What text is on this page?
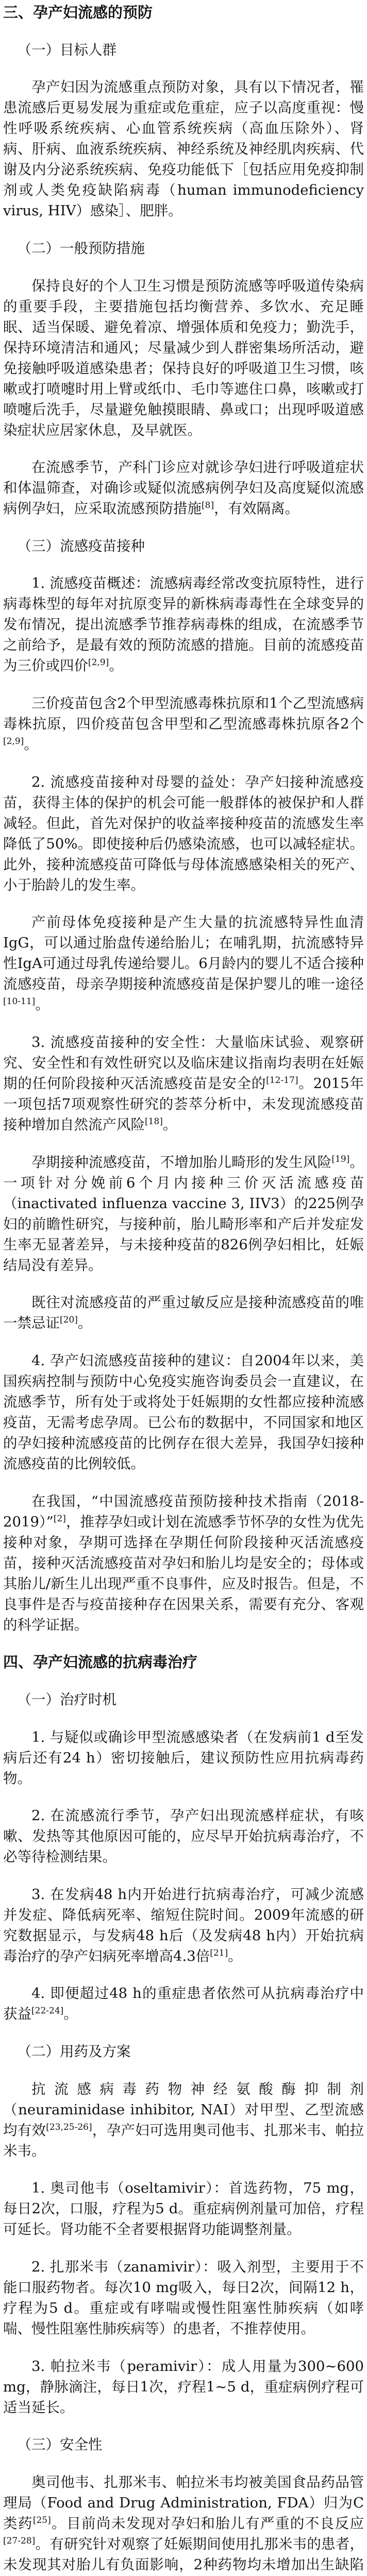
三、孕产妇流感的预防

（一）目标人群

孕产妇因为流感重点预防对象，具有以下情况者，罹患流感后更易发展为重症或危重症，应子以高度重视：慢性呼吸系统疾病、心血管系统疾病（高血压除外）、肾病、肝病、血液系统疾病、神经系统及神经肌肉疾病、代谢及内分泌系统疾病、免疫功能低下［包括应用免疫抑制剂或人类免疫缺陷病毒（human immunodeficiency virus, HIV）感染］、肥胖。

（二）一般预防措施

保持良好的个人卫生习惯是预防流感等呼吸道传染病的重要手段，主要措施包括均衡营养、多饮水、充足睡眠、适当保暖、避免着凉、增强体质和免疫力；勤洗手，保持环境清洁和通风；尽量减少到人群密集场所活动，避免接触呼吸道感染患者；保持良好的呼吸道卫生习惯，咳嗽或打喷嚏时用上臂或纸巾、毛巾等遮住口鼻，咳嗽或打喷嚏后洗手，尽量避免触摸眼睛、鼻或口；出现呼吸道感染症状应居家休息，及早就医。

在流感季节，产科门诊应对就诊孕妇进行呼吸道症状和体温筛查，对确诊或疑似流感病例孕妇及高度疑似流感病例孕妇，应采取流感预防措施[8]，有效隔离。

（三）流感疫苗接种

1. 流感疫苗概述：流感病毒经常改变抗原特性，进行病毒株型的每年对抗原变异的新株病毒毒性在全球变异的发布情况，提出流感季节推荐病毒株的组成，在流感季节之前给予，是最有效的预防流感的措施。目前的流感疫苗为三价或四价[2,9]。

三价疫苗包含2个甲型流感毒株抗原和1个乙型流感病毒株抗原，四价疫苗包含甲型和乙型流感毒株抗原各2个[2,9]。

2. 流感疫苗接种对母婴的益处：孕产妇接种流感疫苗，获得主体的保护的机会可能一般群体的被保护和人群减轻。但此，首先对保护的收益率接种疫苗的流感发生率降低了50%。即使接种后仍感染流感，也可以减轻症状。此外，接种流感疫苗可降低与母体流感感染相关的死产、小于胎龄儿的发生率。

产前母体免疫接种是产生大量的抗流感特异性血清IgG，可以通过胎盘传递给胎儿；在哺乳期，抗流感特异性IgA可通过母乳传递给婴儿。6月龄内的婴儿不适合接种流感疫苗，母亲孕期接种流感疫苗是保护婴儿的唯一途径[10-11]。

3. 流感疫苗接种的安全性：大量临床试验、观察研究、安全性和有效性研究以及临床建议指南均表明在妊娠期的任何阶段接种灭活流感疫苗是安全的[12-17]。2015年一项包括7项观察性研究的荟萃分析中，未发现流感疫苗接种增加自然流产风险[18]。

孕期接种流感疫苗，不增加胎儿畸形的发生风险[19]。一项针对分娩前6个月内接种三价灭活流感疫苗（inactivated influenza vaccine 3, IIV3）的225例孕妇的前瞻性研究，与接种前，胎儿畸形率和产后并发症发生率无显著差异，与未接种疫苗的826例孕妇相比，妊娠结局没有差异。

既往对流感疫苗的严重过敏反应是接种流感疫苗的唯一禁忌证[20]。

4. 孕产妇流感疫苗接种的建议：自2004年以来，美国疾病控制与预防中心免疫实施咨询委员会一直建议，在流感季节，所有处于或将处于妊娠期的女性都应接种流感疫苗，无需考虑孕周。已公布的数据中，不同国家和地区的孕妇接种流感疫苗的比例存在很大差异，我国孕妇接种流感疫苗的比例较低。

在我国，“中国流感疫苗预防接种技术指南（2018-2019）”[2]，推荐孕妇或计划在流感季节怀孕的女性为优先接种对象，孕期可选择在孕期任何阶段接种灭活流感疫苗，接种灭活流感疫苗对孕妇和胎儿均是安全的；母体或其胎儿/新生儿出现严重不良事件，应及时报告。但是，不良事件是否与疫苗接种存在因果关系，需要有充分、客观的科学证据。

四、孕产妇流感的抗病毒治疗

（一）治疗时机

1. 与疑似或确诊甲型流感感染者（在发病前1 d至发病后还有24 h）密切接触后，建议预防性应用抗病毒药物。

2. 在流感流行季节，孕产妇出现流感样症状，有咳嗽、发热等其他原因可能的，应尽早开始抗病毒治疗，不必等待检测结果。

3. 在发病48 h内开始进行抗病毒治疗，可减少流感并发症、降低病死率、缩短住院时间。2009年流感的研究数据显示，与发病48 h后（及发病48 h内）开始抗病毒治疗的孕产妇病死率增高4.3倍[21]。

4. 即便超过48 h的重症患者依然可从抗病毒治疗中获益[22-24]。

（二）用药及方案

抗流感病毒药物神经氨酸酶抑制剂（neuraminidase inhibitor, NAI）对甲型、乙型流感均有效[23,25-26]，孕产妇可选用奥司他韦、扎那米韦、帕拉米韦。

1. 奥司他韦（oseltamivir）：首选药物，75 mg，每日2次，口服，疗程为5 d。重症病例剂量可加倍，疗程可延长。肾功能不全者要根据肾功能调整剂量。

2. 扎那米韦（zanamivir）：吸入剂型，主要用于不能口服药物者。每次10 mg吸入，每日2次，间隔12 h，疗程为5 d。重症或有哮喘或慢性阻塞性肺疾病（如哮喘、慢性阻塞性肺疾病等）的患者，不推荐使用。

3. 帕拉米韦（peramivir）：成人用量为300~600 mg，静脉滴注，每日1次，疗程1~5 d，重症病例疗程可适当延长。

（三）安全性

奥司他韦、扎那米韦、帕拉米韦均被美国食品药品管理局（Food and Drug Administration, FDA）归为C类药[25]。目前尚未发现对孕妇和胎儿有严重的不良反应[27-28]。有研究针对观察了妊娠期间使用扎那米韦的患者，未发现其对胎儿有负面影响，2种药物均未增加出生缺陷
